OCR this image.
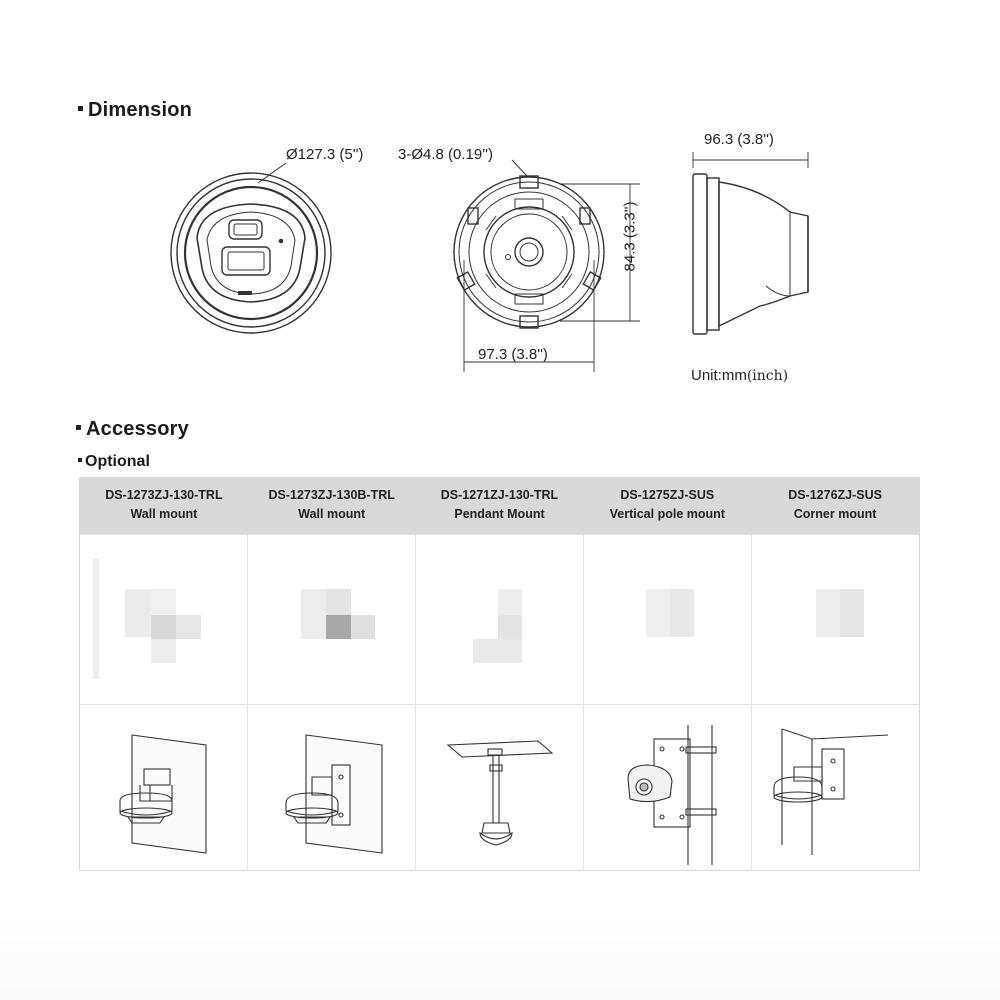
Dimension
Ø127.3 (5'') 3-Ø4.8 (0.19'')
97.3 (3.8'')
84.3 (3.3'')
96.3 (3.8'')
Unit:mm(inch)
Accessory
Optional
DS-1273ZJ-130-TRL
Wall mount
DS-1273ZJ-130B-TRL
Wall mount
DS-1271ZJ-130-TRL
Pendant Mount
DS-1275ZJ-SUS
Vertical pole mount
DS-1276ZJ-SUS
Corner mount
